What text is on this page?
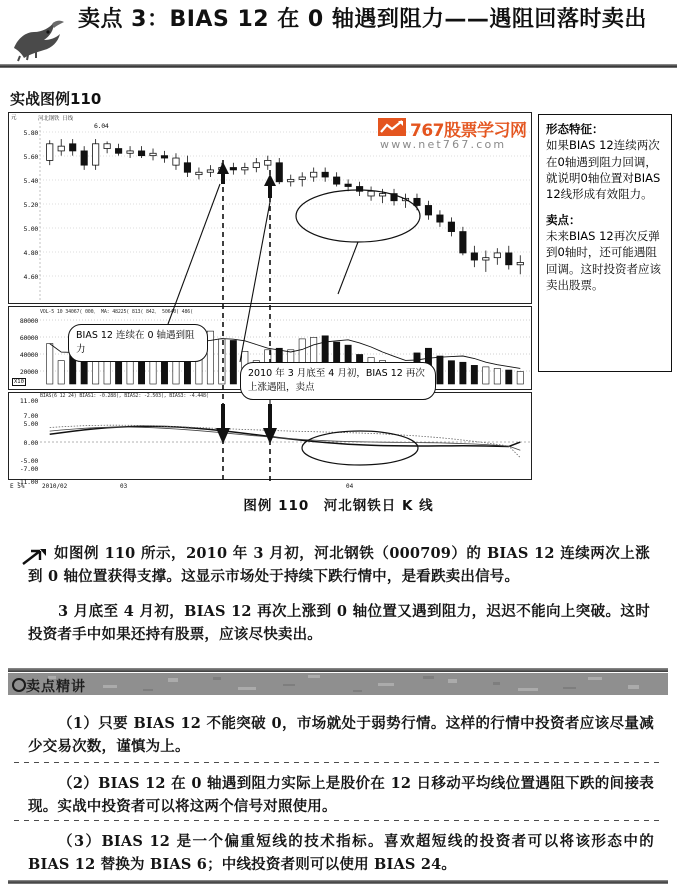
卖点 3：BIAS 12 在 0 轴遇到阻力——遇阻回落时卖出
实战图例110
河北钢铁 日线
元
5.80
5.60
5.40
5.20
5.00
4.80
4.60
6.04
VOL-5 10 34067( 000、 MA: 48225( 813( 842、 50640( 486(
80000
60000
40000
20000
X10
BIAS(6 12 24) BIAS1: -0.288(, BIAS2: -2.503(, BIAS3: -4.448(
11.00
7.00
5.00
0.00
-5.00
-7.00
-11.00
E 5%	2010/02	03	04
BIAS 12 连续在 0 轴遇到阻力
2010 年 3 月底至 4 月初，BIAS 12 再次上涨遇阻，卖点
767股票学习网
www.net767.com
形态特征：
如果BIAS 12连续两次在0轴遇到阻力回调，就说明0轴位置对BIAS 12线形成有效阻力。
卖点：
未来BIAS 12再次反弹到0轴时，还可能遇阻回调。这时投资者应该卖出股票。
图例 110　河北钢铁日 K 线
如图例 110 所示，2010 年 3 月初，河北钢铁（000709）的 BIAS 12 连续两次上涨到 0 轴位置获得支撑。这显示市场处于持续下跌行情中，是看跌卖出信号。
3 月底至 4 月初，BIAS 12 再次上涨到 0 轴位置又遇到阻力，迟迟不能向上突破。这时投资者手中如果还持有股票，应该尽快卖出。
卖点精讲
（1）只要 BIAS 12 不能突破 0，市场就处于弱势行情。这样的行情中投资者应该尽量减少交易次数，谨慎为上。
（2）BIAS 12 在 0 轴遇到阻力实际上是股价在 12 日移动平均线位置遇阻下跌的间接表现。实战中投资者可以将这两个信号对照使用。
（3）BIAS 12 是一个偏重短线的技术指标。喜欢超短线的投资者可以将该形态中的 BIAS 12 替换为 BIAS 6；中线投资者则可以使用 BIAS 24。
